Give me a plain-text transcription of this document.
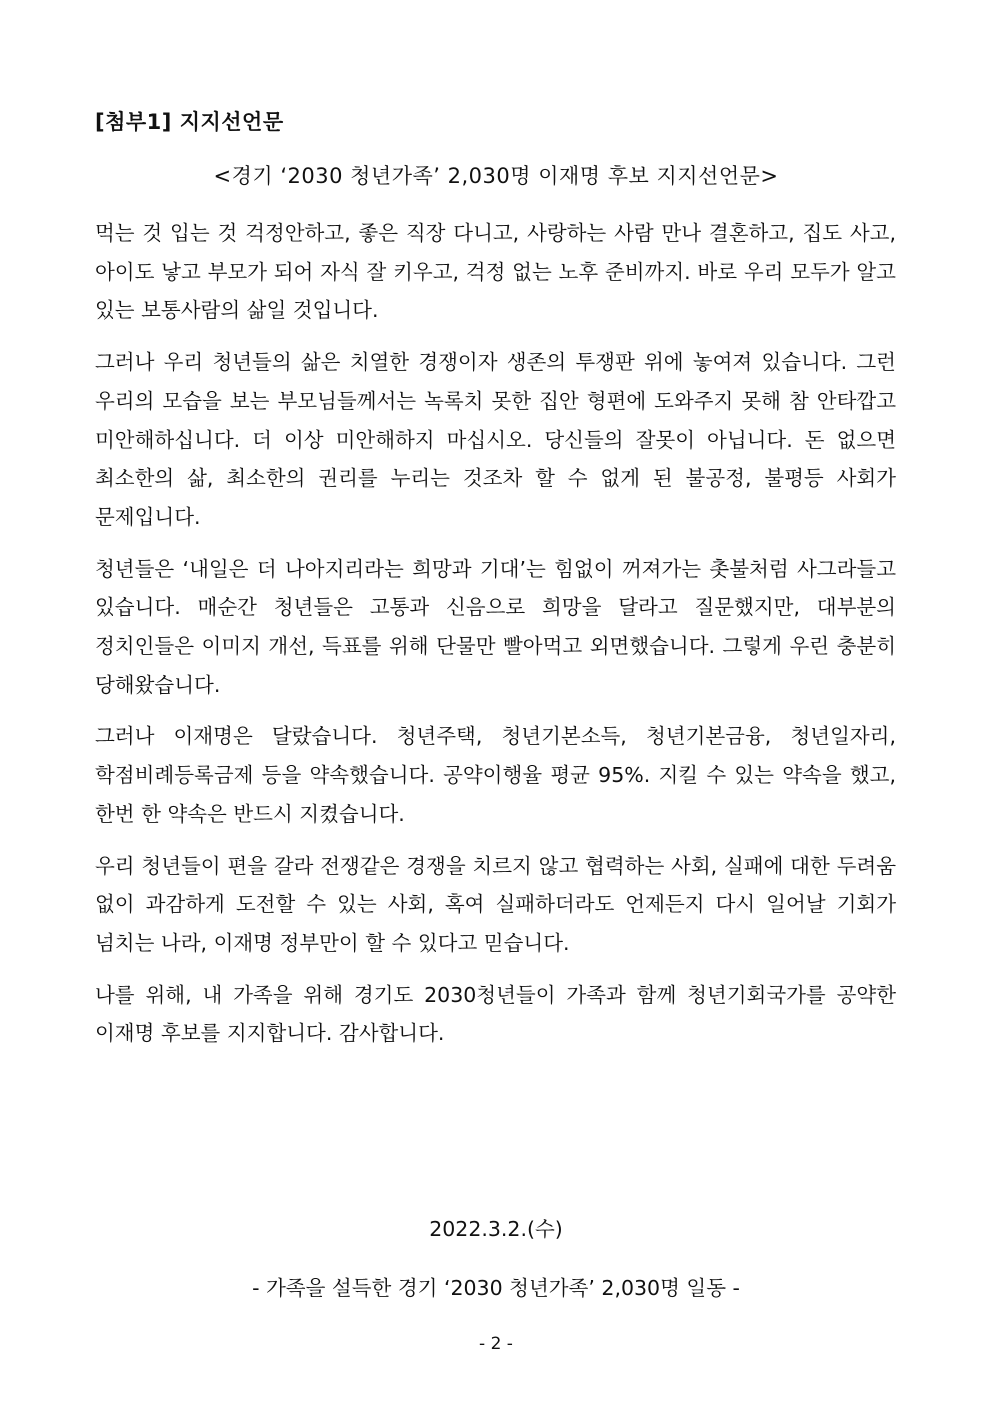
[첨부1] 지지선언문
<경기 ‘2030 청년가족’ 2,030명 이재명 후보 지지선언문>

먹는 것 입는 것 걱정안하고, 좋은 직장 다니고, 사랑하는 사람 만나 결혼하고, 집도 사고, 아이도 낳고 부모가 되어 자식 잘 키우고, 걱정 없는 노후 준비까지. 바로 우리 모두가 알고 있는 보통사람의 삶일 것입니다.

그러나 우리 청년들의 삶은 치열한 경쟁이자 생존의 투쟁판 위에 놓여져 있습니다. 그런 우리의 모습을 보는 부모님들께서는 녹록치 못한 집안 형편에 도와주지 못해 참 안타깝고 미안해하십니다. 더 이상 미안해하지 마십시오. 당신들의 잘못이 아닙니다. 돈 없으면 최소한의 삶, 최소한의 권리를 누리는 것조차 할 수 없게 된 불공정, 불평등 사회가 문제입니다.

청년들은 ‘내일은 더 나아지리라는 희망과 기대’는 힘없이 꺼져가는 촛불처럼 사그라들고 있습니다. 매순간 청년들은 고통과 신음으로 희망을 달라고 질문했지만, 대부분의 정치인들은 이미지 개선, 득표를 위해 단물만 빨아먹고 외면했습니다. 그렇게 우린 충분히 당해왔습니다.

그러나 이재명은 달랐습니다. 청년주택, 청년기본소득, 청년기본금융, 청년일자리, 학점비례등록금제 등을 약속했습니다. 공약이행율 평균 95%. 지킬 수 있는 약속을 했고, 한번 한 약속은 반드시 지켰습니다.

우리 청년들이 편을 갈라 전쟁같은 경쟁을 치르지 않고 협력하는 사회, 실패에 대한 두려움 없이 과감하게 도전할 수 있는 사회, 혹여 실패하더라도 언제든지 다시 일어날 기회가 넘치는 나라, 이재명 정부만이 할 수 있다고 믿습니다.

나를 위해, 내 가족을 위해 경기도 2030청년들이 가족과 함께 청년기회국가를 공약한 이재명 후보를 지지합니다. 감사합니다.

2022.3.2.(수)
- 가족을 설득한 경기 ‘2030 청년가족’ 2,030명 일동 -
- 2 -
